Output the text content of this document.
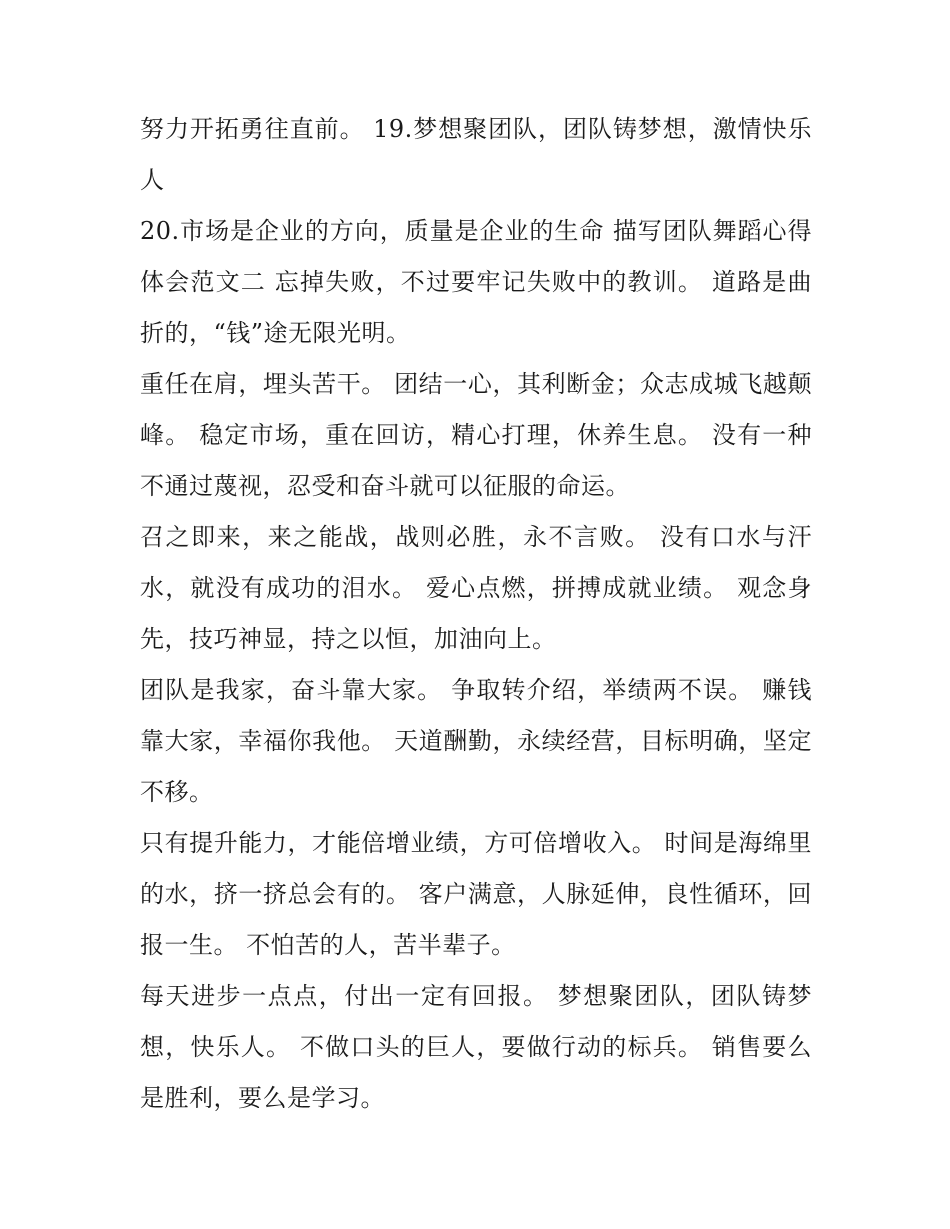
努力开拓勇往直前。 19.梦想聚团队，团队铸梦想，激情快乐人

20.市场是企业的方向，质量是企业的生命 描写团队舞蹈心得体会范文二 忘掉失败，不过要牢记失败中的教训。 道路是曲折的，“钱”途无限光明。

重任在肩，埋头苦干。 团结一心，其利断金；众志成城飞越颠峰。 稳定市场，重在回访，精心打理，休养生息。 没有一种不通过蔑视，忍受和奋斗就可以征服的命运。

召之即来，来之能战，战则必胜，永不言败。 没有口水与汗水，就没有成功的泪水。 爱心点燃，拼搏成就业绩。 观念身先，技巧神显，持之以恒，加油向上。

团队是我家，奋斗靠大家。 争取转介绍，举绩两不误。 赚钱靠大家，幸福你我他。 天道酬勤，永续经营，目标明确，坚定不移。

只有提升能力，才能倍增业绩，方可倍增收入。 时间是海绵里的水，挤一挤总会有的。 客户满意，人脉延伸，良性循环，回报一生。 不怕苦的人，苦半辈子。

每天进步一点点，付出一定有回报。 梦想聚团队，团队铸梦想，快乐人。 不做口头的巨人，要做行动的标兵。 销售要么是胜利，要么是学习。
